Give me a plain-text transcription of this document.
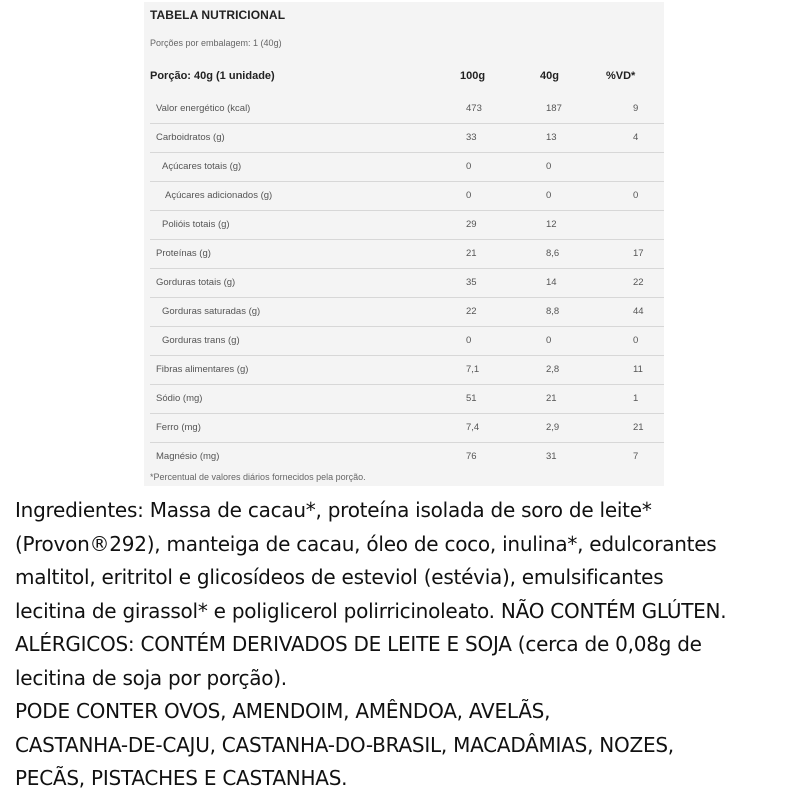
TABELA NUTRICIONAL
Porções por embalagem: 1 (40g)
Porção: 40g (1 unidade)	100g	40g	%VD*
Valor energético (kcal)	473	187	9
Carboidratos (g)	33	13	4
Açúcares totais (g)	0	0
Açúcares adicionados (g)	0	0	0
Polióis totais (g)	29	12
Proteínas (g)	21	8,6	17
Gorduras totais (g)	35	14	22
Gorduras saturadas (g)	22	8,8	44
Gorduras trans (g)	0	0	0
Fibras alimentares (g)	7,1	2,8	11
Sódio (mg)	51	21	1
Ferro (mg)	7,4	2,9	21
Magnésio (mg)	76	31	7
*Percentual de valores diários fornecidos pela porção.
Ingredientes: Massa de cacau*, proteína isolada de soro de leite*
(Provon®292), manteiga de cacau, óleo de coco, inulina*, edulcorantes
maltitol, eritritol e glicosídeos de esteviol (estévia), emulsificantes
lecitina de girassol* e poliglicerol polirricinoleato. NÃO CONTÉM GLÚTEN.
ALÉRGICOS: CONTÉM DERIVADOS DE LEITE E SOJA (cerca de 0,08g de
lecitina de soja por porção).
PODE CONTER OVOS, AMENDOIM, AMÊNDOA, AVELÃS,
CASTANHA-DE-CAJU, CASTANHA-DO-BRASIL, MACADÂMIAS, NOZES,
PECÃS, PISTACHES E CASTANHAS.
